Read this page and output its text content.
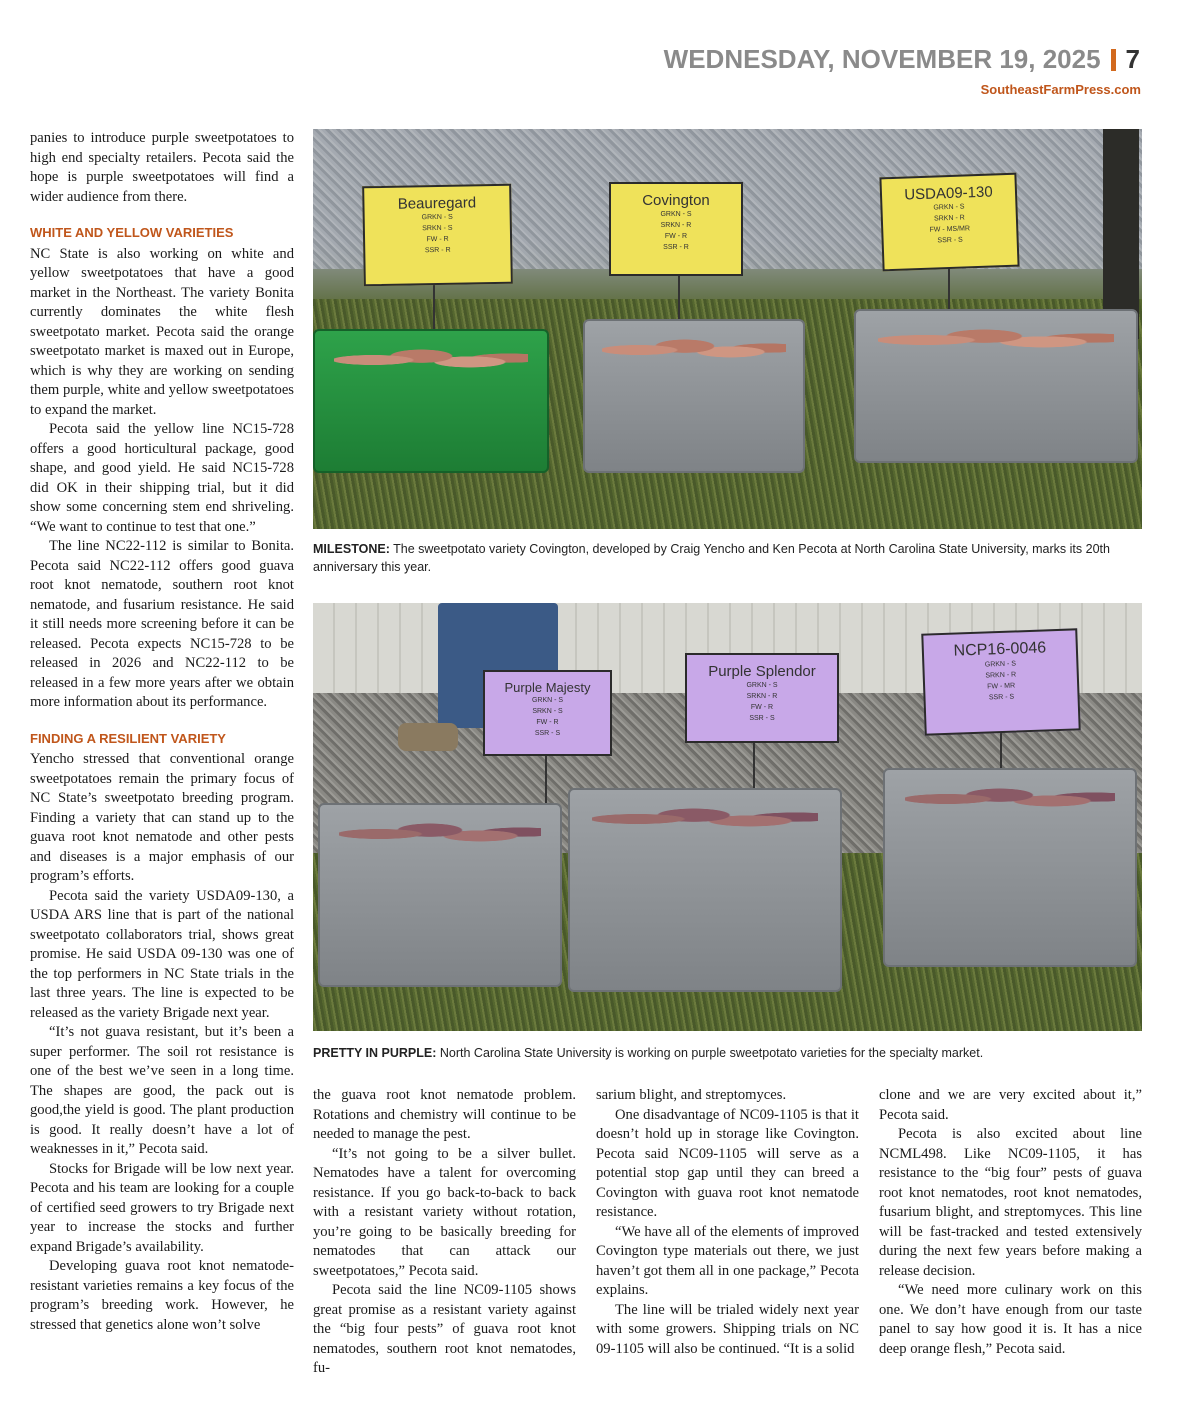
WEDNESDAY, NOVEMBER 19, 2025 7
SoutheastFarmPress.com

panies to introduce purple sweetpotatoes to high end specialty retailers. Pecota said the hope is purple sweetpotatoes will find a wider audience from there.

WHITE AND YELLOW VARIETIES

NC State is also working on white and yellow sweetpotatoes that have a good market in the Northeast. The variety Bonita currently dominates the white flesh sweetpotato market. Pecota said the orange sweetpotato market is maxed out in Europe, which is why they are working on sending them purple, white and yellow sweetpotatoes to expand the market.

Pecota said the yellow line NC15-728 offers a good horticultural package, good shape, and good yield. He said NC15-728 did OK in their shipping trial, but it did show some concerning stem end shriveling. “We want to continue to test that one.”

The line NC22-112 is similar to Bonita. Pecota said NC22-112 offers good guava root knot nematode, southern root knot nematode, and fusarium resistance. He said it still needs more screening before it can be released. Pecota expects NC15-728 to be released in 2026 and NC22-112 to be released in a few more years after we obtain more information about its performance.

FINDING A RESILIENT VARIETY

Yencho stressed that conventional orange sweetpotatoes remain the primary focus of NC State’s sweetpotato breeding program. Finding a variety that can stand up to the guava root knot nematode and other pests and diseases is a major emphasis of our program’s efforts.

Pecota said the variety USDA09-130, a USDA ARS line that is part of the national sweetpotato collaborators trial, shows great promise. He said USDA 09-130 was one of the top performers in NC State trials in the last three years. The line is expected to be released as the variety Brigade next year.

“It’s not guava resistant, but it’s been a super performer. The soil rot resistance is one of the best we’ve seen in a long time. The shapes are good, the pack out is good,the yield is good. The plant production is good. It really doesn’t have a lot of weaknesses in it,” Pecota said.

Stocks for Brigade will be low next year. Pecota and his team are looking for a couple of certified seed growers to try Brigade next year to increase the stocks and further expand Brigade’s availability.

Developing guava root knot nematode-resistant varieties remains a key focus of the program’s breeding work. However, he stressed that genetics alone won’t solve

Beauregard
GRKN - S
SRKN - S
FW - R
SSR - R
Covington
GRKN - S
SRKN - R
FW - R
SSR - R
USDA09-130
GRKN - S
SRKN - R
FW - MS/MR
SSR - S
MILESTONE: The sweetpotato variety Covington, developed by Craig Yencho and Ken Pecota at North Carolina State University, marks its 20th anniversary this year.
Purple Majesty
GRKN - S
SRKN - S
FW - R
SSR - S
Purple Splendor
GRKN - S
SRKN - R
FW - R
SSR - S
NCP16-0046
GRKN - S
SRKN - R
FW - MR
SSR - S
PRETTY IN PURPLE: North Carolina State University is working on purple sweetpotato varieties for the specialty market.

the guava root knot nematode problem. Rotations and chemistry will continue to be needed to manage the pest.

“It’s not going to be a silver bullet. Nematodes have a talent for overcoming resistance. If you go back-to-back to back with a resistant variety without rotation, you’re going to be basically breeding for nematodes that can attack our sweetpotatoes,” Pecota said.

Pecota said the line NC09-1105 shows great promise as a resistant variety against the “big four pests” of guava root knot nematodes, southern root knot nematodes, fu-

sarium blight, and streptomyces.

One disadvantage of NC09-1105 is that it doesn’t hold up in storage like Covington. Pecota said NC09-1105 will serve as a potential stop gap until they can breed a Covington with guava root knot nematode resistance.

“We have all of the elements of improved Covington type materials out there, we just haven’t got them all in one package,” Pecota explains.

The line will be trialed widely next year with some growers. Shipping trials on NC 09-1105 will also be continued. “It is a solid

clone and we are very excited about it,” Pecota said.

Pecota is also excited about line NCML498. Like NC09-1105, it has resistance to the “big four” pests of guava root knot nematodes, root knot nematodes, fusarium blight, and streptomyces. This line will be fast-tracked and tested extensively during the next few years before making a release decision.

“We need more culinary work on this one. We don’t have enough from our taste panel to say how good it is. It has a nice deep orange flesh,” Pecota said.
